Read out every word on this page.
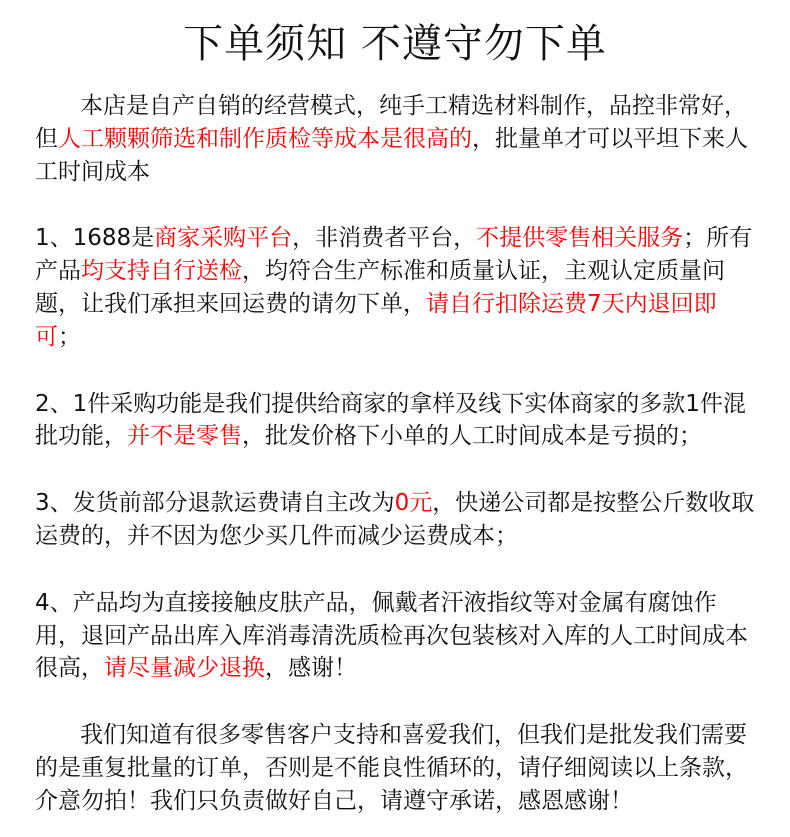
下单须知 不遵守勿下单
本店是自产自销的经营模式，纯手工精选材料制作，品控非常好，
但人工颗颗筛选和制作质检等成本是很高的，批量单才可以平坦下来人
工时间成本
1、1688是商家采购平台，非消费者平台，不提供零售相关服务；所有
产品均支持自行送检，均符合生产标准和质量认证，主观认定质量问
题，让我们承担来回运费的请勿下单，请自行扣除运费7天内退回即
可；
2、1件采购功能是我们提供给商家的拿样及线下实体商家的多款1件混
批功能，并不是零售，批发价格下小单的人工时间成本是亏损的；
3、发货前部分退款运费请自主改为0元，快递公司都是按整公斤数收取
运费的，并不因为您少买几件而减少运费成本；
4、产品均为直接接触皮肤产品，佩戴者汗液指纹等对金属有腐蚀作
用，退回产品出库入库消毒清洗质检再次包装核对入库的人工时间成本
很高，请尽量减少退换，感谢！
我们知道有很多零售客户支持和喜爱我们，但我们是批发我们需要
的是重复批量的订单，否则是不能良性循环的，请仔细阅读以上条款，
介意勿拍！我们只负责做好自己，请遵守承诺，感恩感谢！
